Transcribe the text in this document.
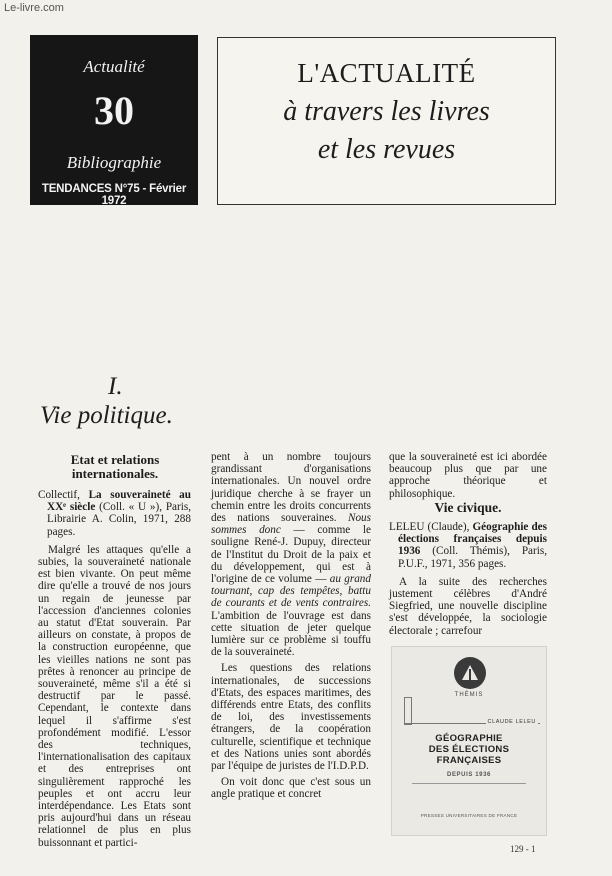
Le-livre.com
Actualité
30
Bibliographie
TENDANCES N°75 - Février 1972
L'ACTUALITÉ
à travers les livres
et les revues
I.
Vie politique.
Etat et relations internationales.

Collectif, La souveraineté au XXᵉ siècle (Coll. « U »), Paris, Librairie A. Colin, 1971, 288 pages.

Malgré les attaques qu'elle a subies, la souveraineté nationale est bien vivante. On peut même dire qu'elle a trouvé de nos jours un regain de jeunesse par l'accession d'anciennes colonies au statut d'Etat souverain. Par ailleurs on constate, à propos de la construction européenne, que les vieilles nations ne sont pas prêtes à renoncer au principe de souveraineté, même s'il a été si destructif par le passé. Cependant, le contexte dans lequel il s'affirme s'est profondément modifié. L'essor des techniques, l'internationalisation des capitaux et des entreprises ont singulièrement rapproché les peuples et ont accru leur interdépendance. Les Etats sont pris aujourd'hui dans un réseau relationnel de plus en plus buissonnant et partici-

pent à un nombre toujours grandissant d'organisations internationales. Un nouvel ordre juridique cherche à se frayer un chemin entre les droits concurrents des nations souveraines. Nous sommes donc — comme le souligne René-J. Dupuy, directeur de l'Institut du Droit de la paix et du développement, qui est à l'origine de ce volume — au grand tournant, cap des tempêtes, battu de courants et de vents contraires. L'ambition de l'ouvrage est dans cette situation de jeter quelque lumière sur ce problème si touffu de la souveraineté.

Les questions des relations internationales, de successions d'Etats, des espaces maritimes, des différends entre Etats, des conflits de loi, des investissements étrangers, de la coopération culturelle, scientifique et technique et des Nations unies sont abordés par l'équipe de juristes de l'I.D.P.D.

On voit donc que c'est sous un angle pratique et concret

que la souveraineté est ici abordée beaucoup plus que par une approche théorique et philosophique.

Vie civique.

LELEU (Claude), Géographie des élections françaises depuis 1936 (Coll. Thémis), Paris, P.U.F., 1971, 356 pages.

A la suite des recherches justement célèbres d'André Siegfried, une nouvelle discipline s'est développée, la sociologie électorale ; carrefour

THÉMIS
CLAUDE LELEU
GÉOGRAPHIE
DES ÉLECTIONS
FRANÇAISES
DEPUIS 1936
PRESSES UNIVERSITAIRES DE FRANCE
129 - 1
